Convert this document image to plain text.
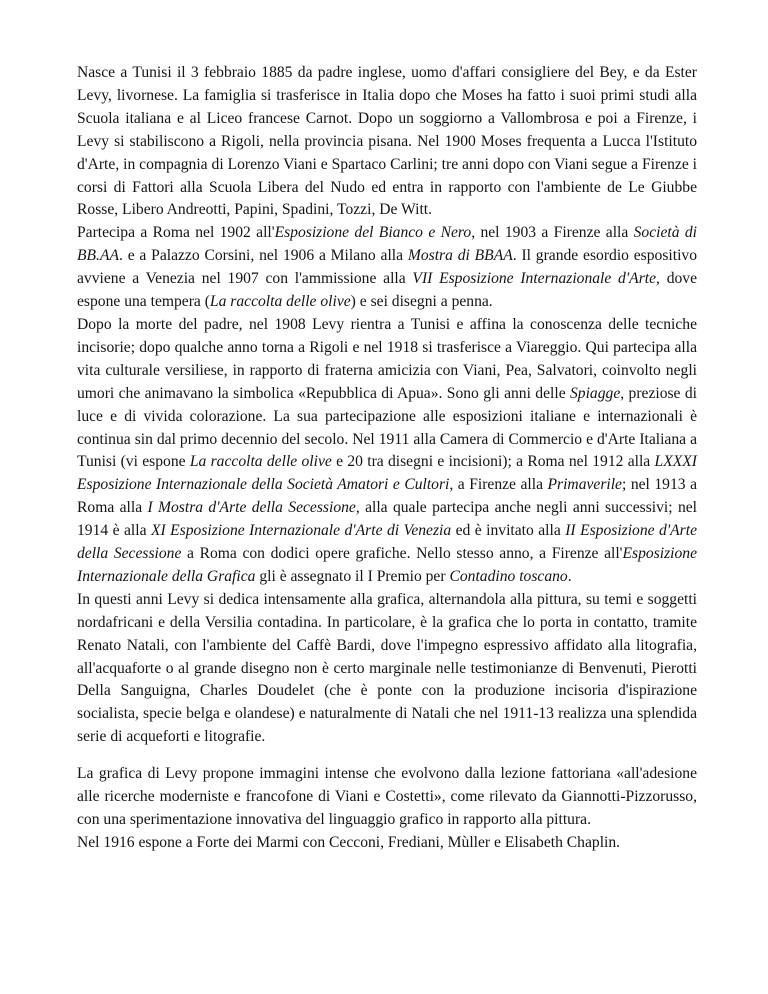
Nasce a Tunisi il 3 febbraio 1885 da padre inglese, uomo d'affari consigliere del Bey, e da Ester Levy, livornese. La famiglia si trasferisce in Italia dopo che Moses ha fatto i suoi primi studi alla Scuola italiana e al Liceo francese Carnot. Dopo un soggiorno a Vallombrosa e poi a Firenze, i Levy si stabiliscono a Rigoli, nella provincia pisana. Nel 1900 Moses frequenta a Lucca l'Istituto d'Arte, in compagnia di Lorenzo Viani e Spartaco Carlini; tre anni dopo con Viani segue a Firenze i corsi di Fattori alla Scuola Libera del Nudo ed entra in rapporto con l'ambiente de Le Giubbe Rosse, Libero Andreotti, Papini, Spadini, Tozzi, De Witt.

Partecipa a Roma nel 1902 all'Esposizione del Bianco e Nero, nel 1903 a Firenze alla Società di BB.AA. e a Palazzo Corsini, nel 1906 a Milano alla Mostra di BBAA. Il grande esordio espositivo avviene a Venezia nel 1907 con l'ammissione alla VII Esposizione Internazionale d'Arte, dove espone una tempera (La raccolta delle olive) e sei disegni a penna.

Dopo la morte del padre, nel 1908 Levy rientra a Tunisi e affina la conoscenza delle tecniche incisorie; dopo qualche anno torna a Rigoli e nel 1918 si trasferisce a Viareggio. Qui partecipa alla vita culturale versiliese, in rapporto di fraterna amicizia con Viani, Pea, Salvatori, coinvolto negli umori che animavano la simbolica «Repubblica di Apua». Sono gli anni delle Spiagge, preziose di luce e di vivida colorazione. La sua partecipazione alle esposizioni italiane e internazionali è continua sin dal primo decennio del secolo. Nel 1911 alla Camera di Commercio e d'Arte Italiana a Tunisi (vi espone La raccolta delle olive e 20 tra disegni e incisioni); a Roma nel 1912 alla LXXXI Esposizione Internazionale della Società Amatori e Cultori, a Firenze alla Primaverile; nel 1913 a Roma alla I Mostra d'Arte della Secessione, alla quale partecipa anche negli anni successivi; nel 1914 è alla XI Esposizione Internazionale d'Arte di Venezia ed è invitato alla II Esposizione d'Arte della Secessione a Roma con dodici opere grafiche. Nello stesso anno, a Firenze all'Esposizione Internazionale della Grafica gli è assegnato il I Premio per Contadino toscano.

In questi anni Levy si dedica intensamente alla grafica, alternandola alla pittura, su temi e soggetti nordafricani e della Versilia contadina. In particolare, è la grafica che lo porta in contatto, tramite Renato Natali, con l'ambiente del Caffè Bardi, dove l'impegno espressivo affidato alla litografia, all'acquaforte o al grande disegno non è certo marginale nelle testimonianze di Benvenuti, Pierotti Della Sanguigna, Charles Doudelet (che è ponte con la produzione incisoria d'ispirazione socialista, specie belga e olandese) e naturalmente di Natali che nel 1911-13 realizza una splendida serie di acqueforti e litografie.

La grafica di Levy propone immagini intense che evolvono dalla lezione fattoriana «all'adesione alle ricerche moderniste e francofone di Viani e Costetti», come rilevato da Giannotti-Pizzorusso, con una sperimentazione innovativa del linguaggio grafico in rapporto alla pittura.

Nel 1916 espone a Forte dei Marmi con Cecconi, Frediani, Mùller e Elisabeth Chaplin.
